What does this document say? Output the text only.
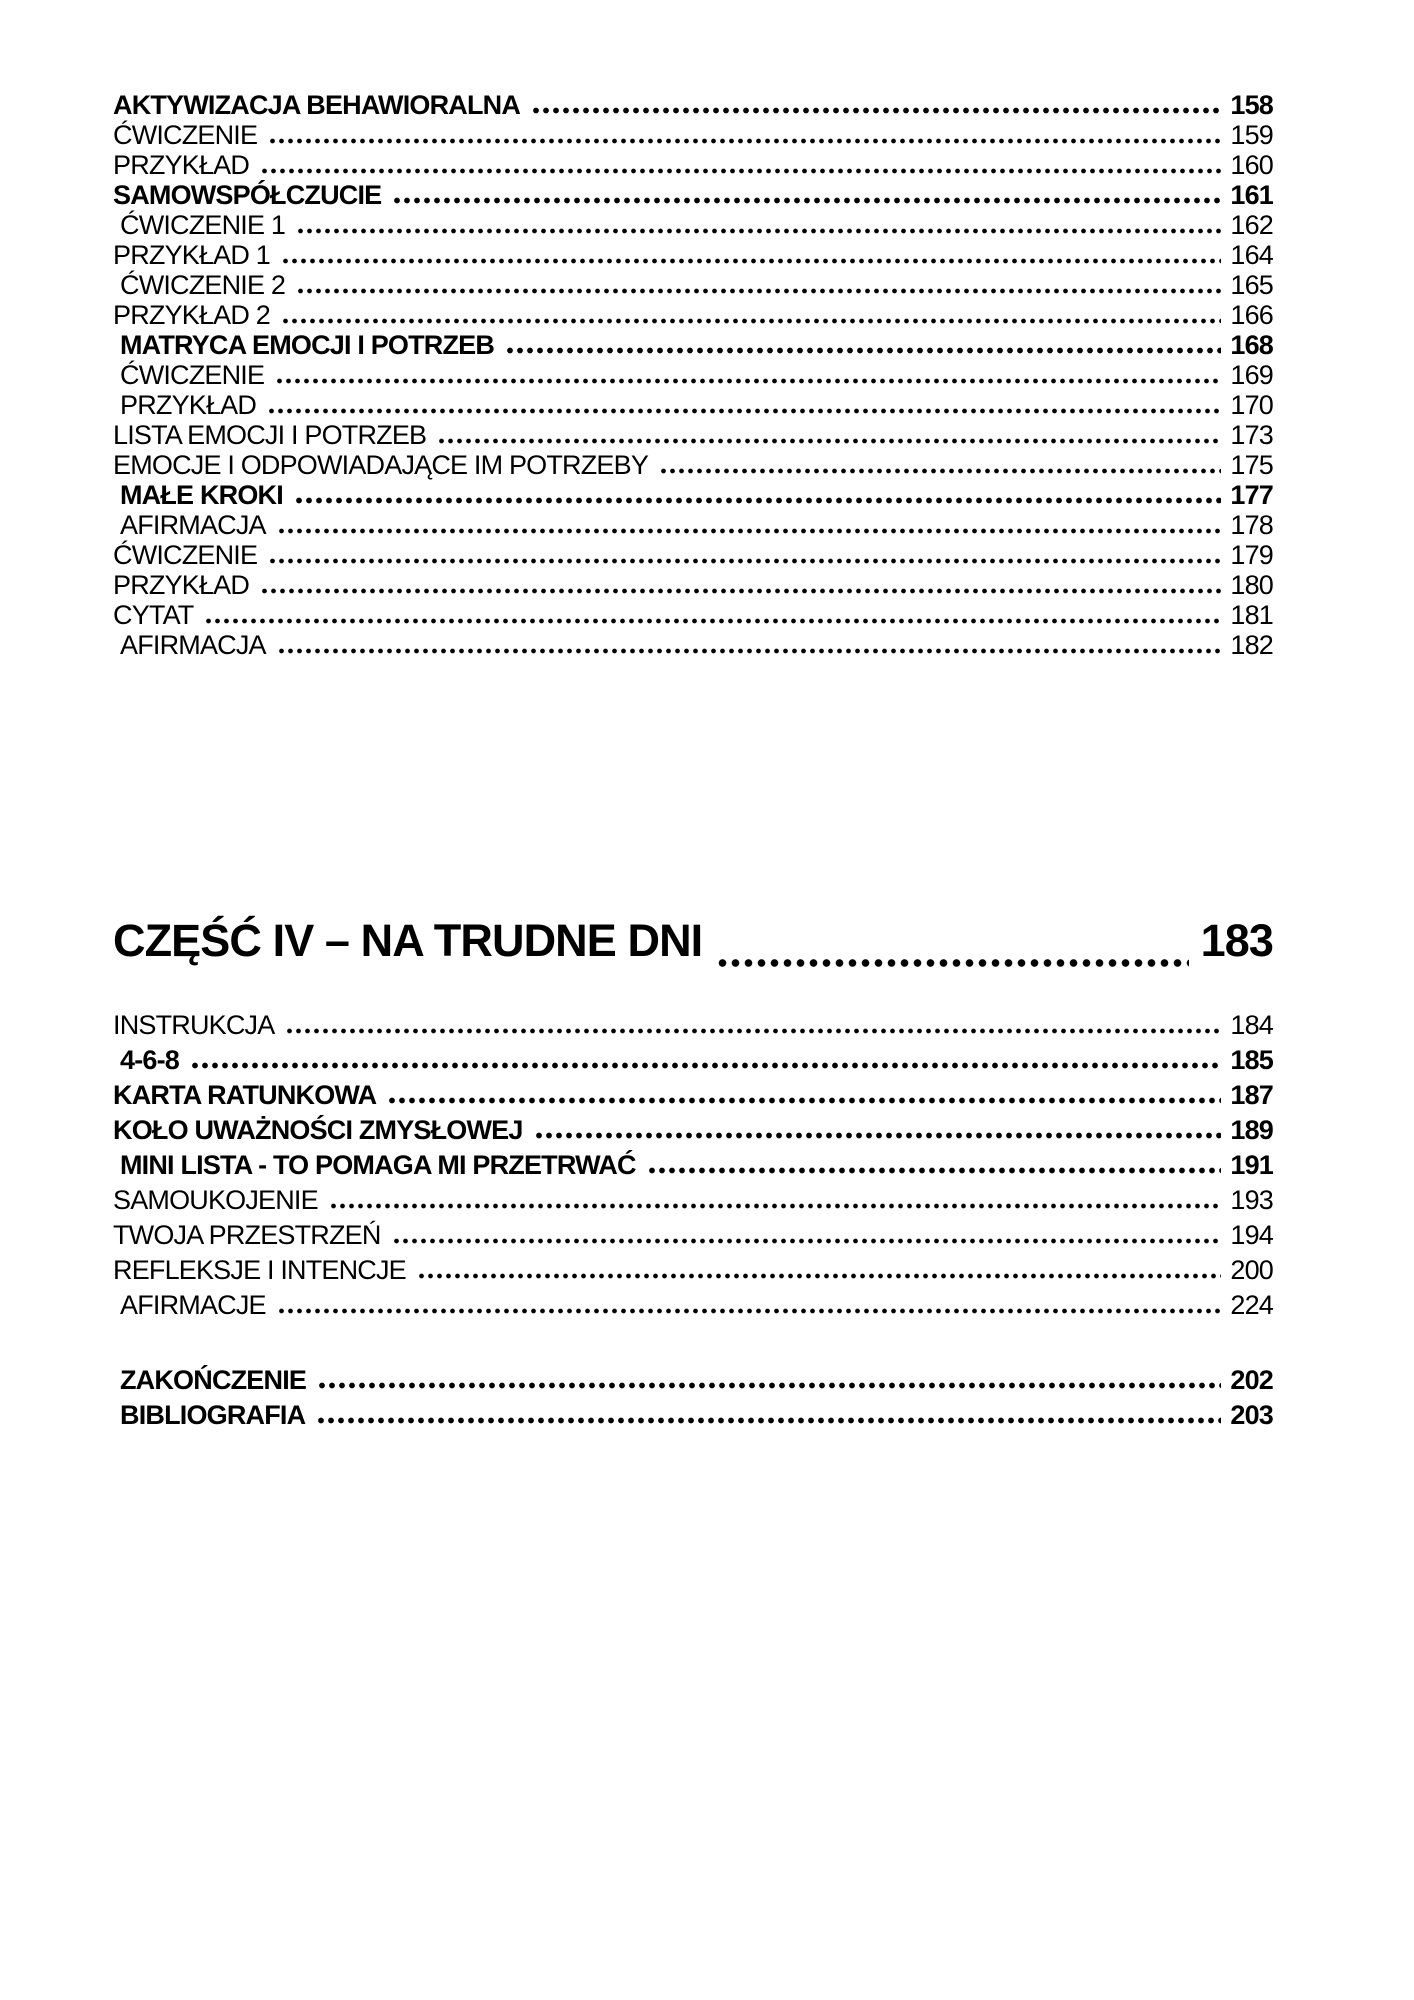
AKTYWIZACJA BEHAWIORALNA	158
ĆWICZENIE	159
PRZYKŁAD	160
SAMOWSPÓŁCZUCIE	161
ĆWICZENIE 1	162
PRZYKŁAD 1	164
ĆWICZENIE 2	165
PRZYKŁAD 2	166
MATRYCA EMOCJI I POTRZEB	168
ĆWICZENIE	169
PRZYKŁAD	170
LISTA EMOCJI I POTRZEB	173
EMOCJE I ODPOWIADAJĄCE IM POTRZEBY	175
MAŁE KROKI	177
AFIRMACJA	178
ĆWICZENIE	179
PRZYKŁAD	180
CYTAT	181
AFIRMACJA	182
CZĘŚĆ IV – NA TRUDNE DNI	183
INSTRUKCJA	184
4-6-8	185
KARTA RATUNKOWA	187
KOŁO UWAŻNOŚCI ZMYSŁOWEJ	189
MINI LISTA - TO POMAGA MI PRZETRWAĆ	191
SAMOUKOJENIE	193
TWOJA PRZESTRZEŃ	194
REFLEKSJE I INTENCJE	200
AFIRMACJE	224
ZAKOŃCZENIE	202
BIBLIOGRAFIA	203
